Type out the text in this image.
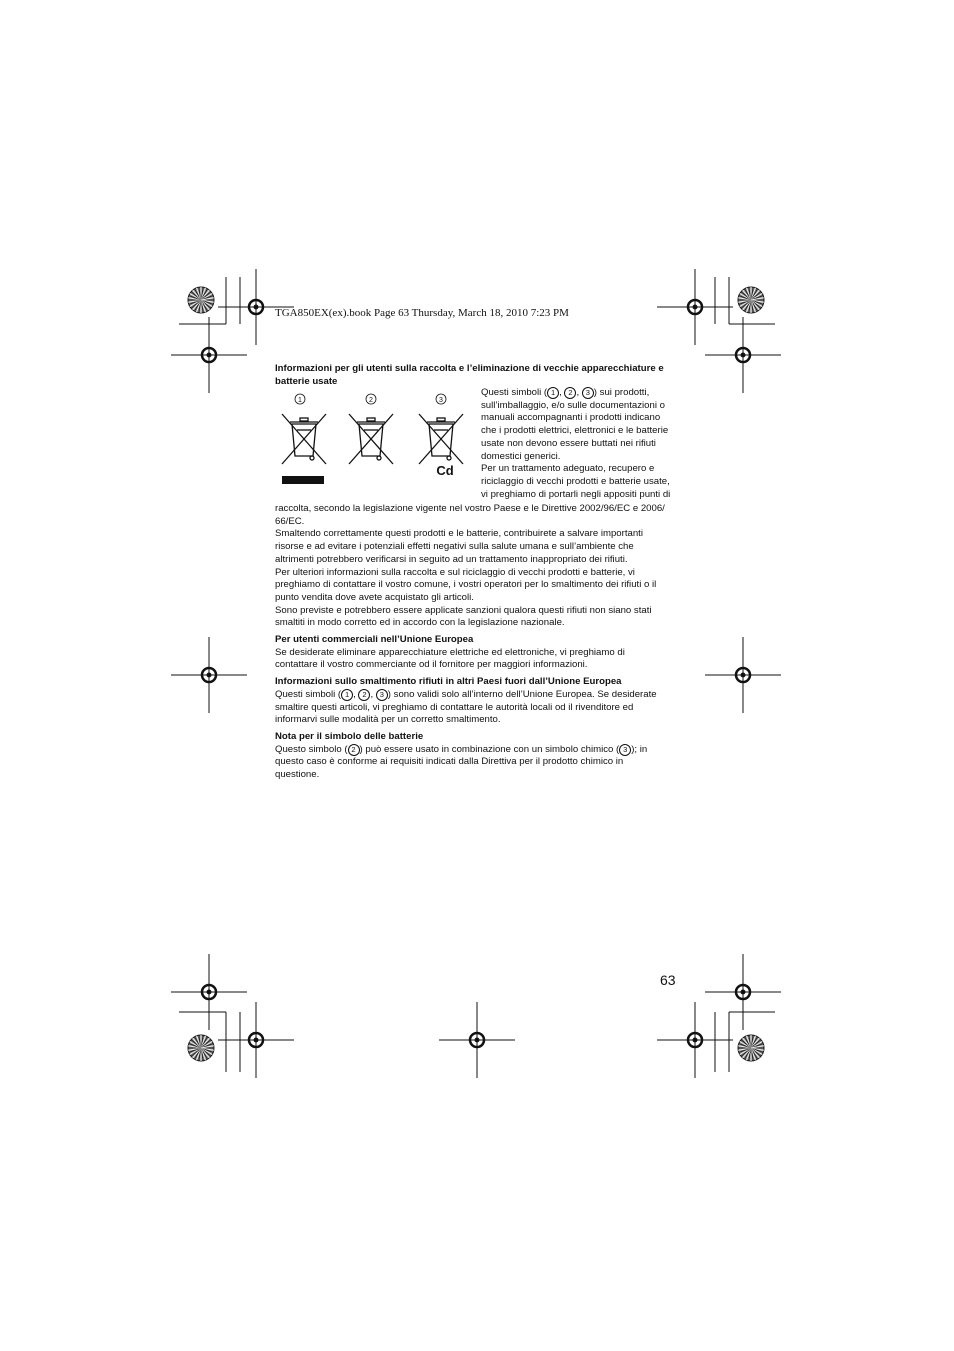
TGA850EX(ex).book Page 63 Thursday, March 18, 2010 7:23 PM
Informazioni per gli utenti sulla raccolta e l’eliminazione di vecchie apparecchiature e
batterie usate
1	2	3
Cd
Questi simboli ( 1 , 2 , 3 ) sui prodotti,
sull’imballaggio, e/o sulle documentazioni o
manuali accompagnanti i prodotti indicano
che i prodotti elettrici, elettronici e le batterie
usate non devono essere buttati nei rifiuti
domestici generici.
Per un trattamento adeguato, recupero e
riciclaggio di vecchi prodotti e batterie usate,
vi preghiamo di portarli negli appositi punti di
raccolta, secondo la legislazione vigente nel vostro Paese e le Direttive 2002/96/EC e 2006/
66/EC.
Smaltendo correttamente questi prodotti e le batterie, contribuirete a salvare importanti
risorse e ad evitare i potenziali effetti negativi sulla salute umana e sull’ambiente che
altrimenti potrebbero verificarsi in seguito ad un trattamento inappropriato dei rifiuti.
Per ulteriori informazioni sulla raccolta e sul riciclaggio di vecchi prodotti e batterie, vi
preghiamo di contattare il vostro comune, i vostri operatori per lo smaltimento dei rifiuti o il
punto vendita dove avete acquistato gli articoli.
Sono previste e potrebbero essere applicate sanzioni qualora questi rifiuti non siano stati
smaltiti in modo corretto ed in accordo con la legislazione nazionale.
Per utenti commerciali nell’Unione Europea
Se desiderate eliminare apparecchiature elettriche ed elettroniche, vi preghiamo di
contattare il vostro commerciante od il fornitore per maggiori informazioni.
Informazioni sullo smaltimento rifiuti in altri Paesi fuori dall’Unione Europea
Questi simboli ( 1 , 2 , 3 ) sono validi solo all’interno dell’Unione Europea. Se desiderate
smaltire questi articoli, vi preghiamo di contattare le autorità locali od il rivenditore ed
informarvi sulle modalità per un corretto smaltimento.
Nota per il simbolo delle batterie
Questo simbolo ( 2 ) può essere usato in combinazione con un simbolo chimico ( 3 ); in
questo caso è conforme ai requisiti indicati dalla Direttiva per il prodotto chimico in
questione.
63
